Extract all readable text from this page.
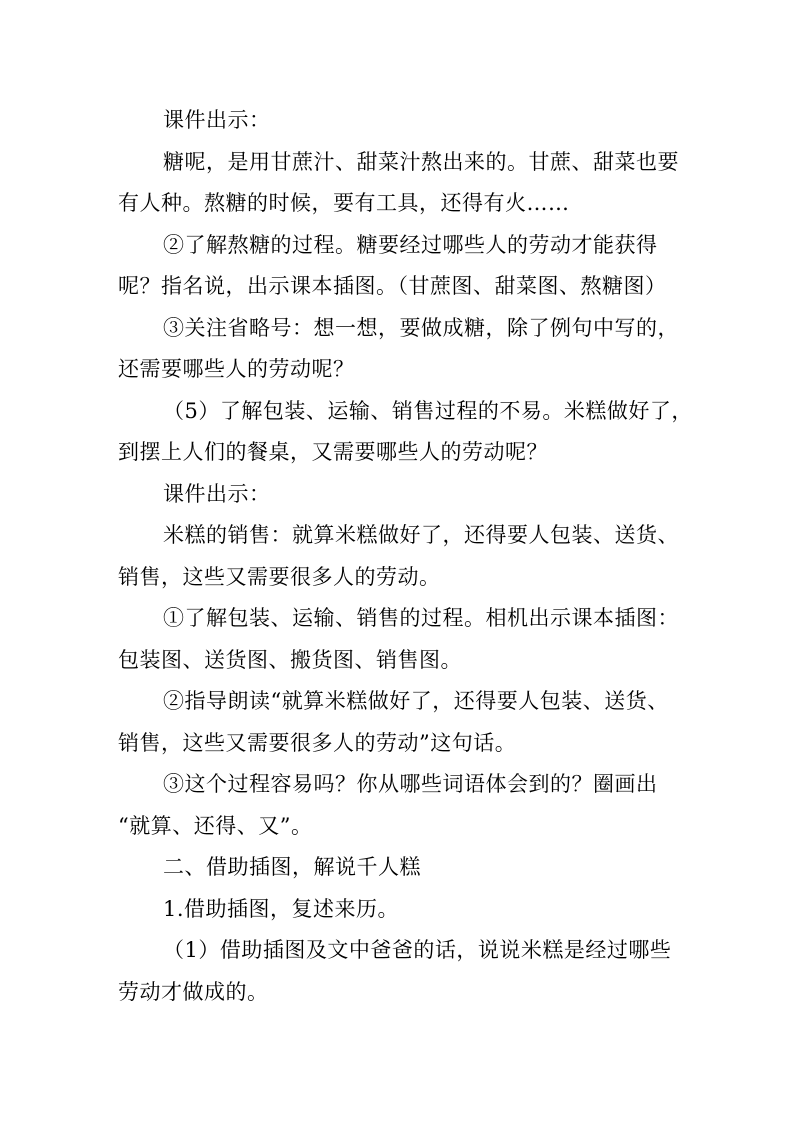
课件出示：
糖呢，是用甘蔗汁、甜菜汁熬出来的。甘蔗、甜菜也要
有人种。熬糖的时候，要有工具，还得有火……
②了解熬糖的过程。糖要经过哪些人的劳动才能获得
呢？指名说，出示课本插图。（甘蔗图、甜菜图、熬糖图）
③关注省略号：想一想，要做成糖，除了例句中写的，
还需要哪些人的劳动呢？
（5）了解包装、运输、销售过程的不易。米糕做好了，
到摆上人们的餐桌，又需要哪些人的劳动呢？
课件出示：
米糕的销售：就算米糕做好了，还得要人包装、送货、
销售，这些又需要很多人的劳动。
①了解包装、运输、销售的过程。相机出示课本插图：
包装图、送货图、搬货图、销售图。
②指导朗读“就算米糕做好了，还得要人包装、送货、
销售，这些又需要很多人的劳动”这句话。
③这个过程容易吗？你从哪些词语体会到的？圈画出
“就算、还得、又”。
二、借助插图，解说千人糕
1.借助插图，复述来历。
（1）借助插图及文中爸爸的话，说说米糕是经过哪些
劳动才做成的。
